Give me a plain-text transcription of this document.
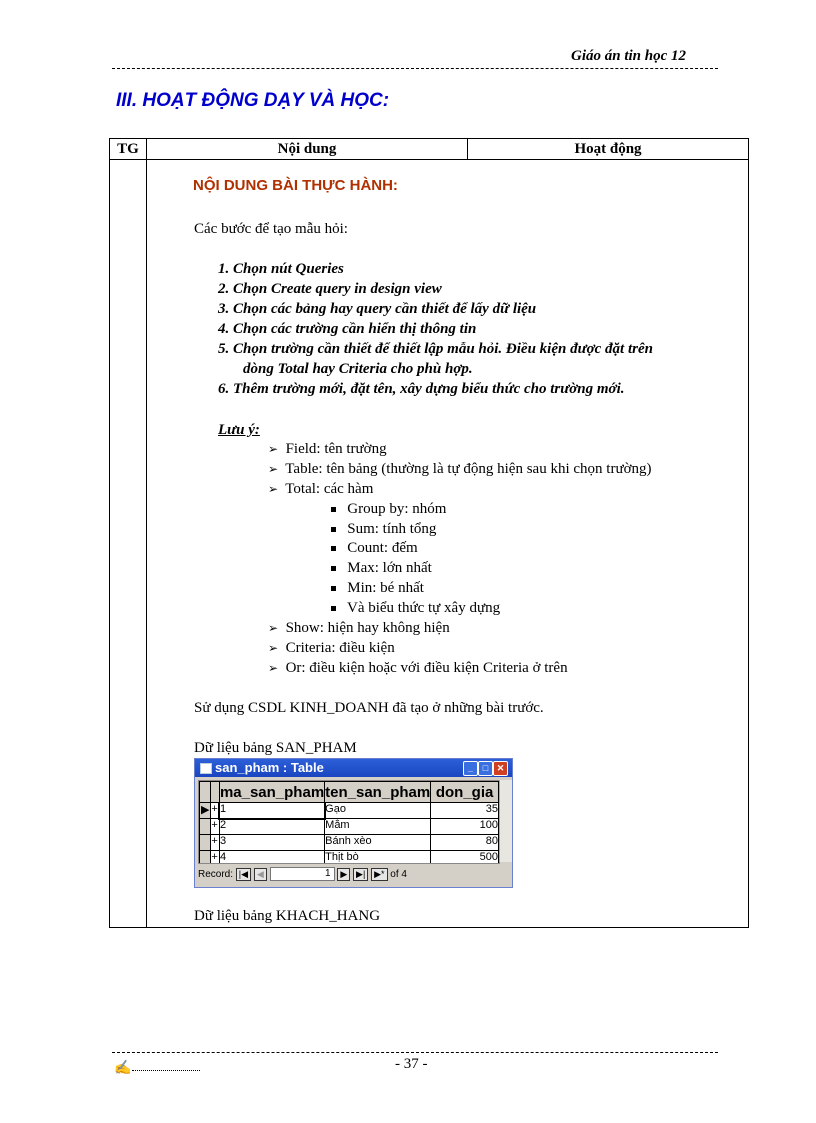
Giáo án tin học 12
III. HOẠT ĐỘNG DẠY VÀ HỌC:
TG	Nội dung	Hoạt động

NỘI DUNG BÀI THỰC HÀNH:
Các bước để tạo mẫu hỏi:
1. Chọn nút Queries
2. Chọn Create query in design view
3. Chọn các bảng hay query cần thiết để lấy dữ liệu
4. Chọn các trường cần hiển thị thông tin
5. Chọn trường cần thiết để thiết lập mẫu hỏi. Điều kiện được đặt trên
dòng Total hay Criteria cho phù hợp.
6. Thêm trường mới, đặt tên, xây dựng biểu thức cho trường mới.
Lưu ý:
➢ Field: tên trường
➢ Table: tên bảng (thường là tự động hiện sau khi chọn trường)
➢ Total: các hàm
Group by: nhóm
Sum: tính tổng
Count: đếm
Max: lớn nhất
Min: bé nhất
Và biểu thức tự xây dựng
➢ Show: hiện hay không hiện
➢ Criteria: điều kiện
➢ Or: điều kiện hoặc với điều kiện Criteria ở trên
Sử dụng CSDL KINH_DOANH đã tạo ở những bài trước.
Dữ liệu bảng SAN_PHAM
san_pham : Table	_	□ ✕
		ma_san_pham	ten_san_pham	don_gia
▶	+	1	Gạo	35
	+	2	Mắm	100
	+	3	Bánh xèo	80
	+	4	Thịt bò	500
Record: |◀ ◀	1 ▶ ▶| ▶* of 4
Dữ liệu bảng KHACH_HANG
✍	- 37 -
